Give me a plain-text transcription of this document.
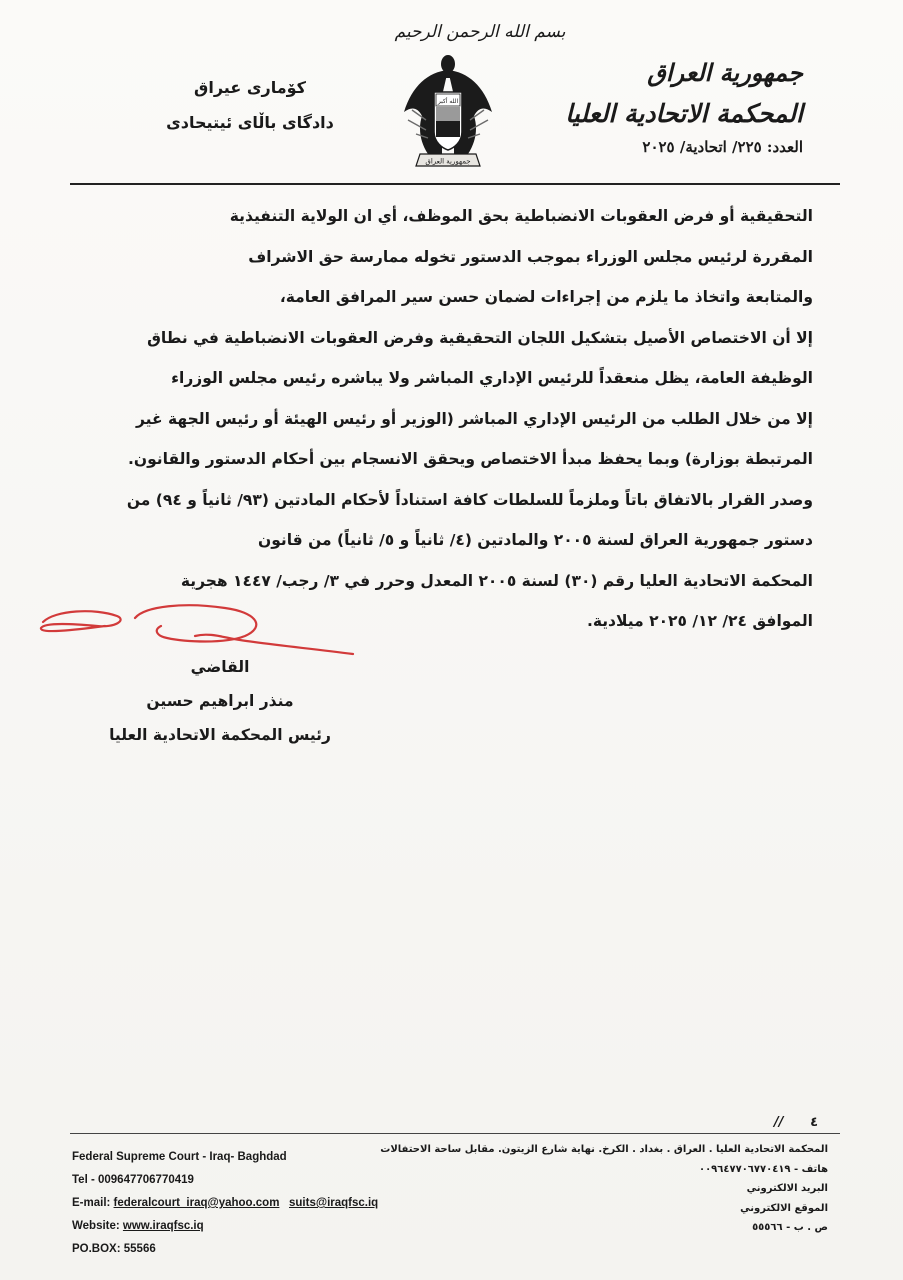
بسم الله الرحمن الرحيم
جمهورية العراق
المحكمة الاتحادية العليا
العدد: ٢٢٥/ اتحادية/ ٢٠٢٥
كۆمارى عيراق
دادگاى باڵاى ئیتیحادی
الله أكبر
جمهورية العراق

التحقيقية أو فرض العقوبات الانضباطية بحق الموظف، أي ان الولاية التنفيذية

المقررة لرئيس مجلس الوزراء بموجب الدستور تخوله ممارسة حق الاشراف

والمتابعة واتخاذ ما يلزم من إجراءات لضمان حسن سير المرافق العامة،

إلا أن الاختصاص الأصيل بتشكيل اللجان التحقيقية وفرض العقوبات الانضباطية في نطاق

الوظيفة العامة، يظل منعقداً للرئيس الإداري المباشر ولا يباشره رئيس مجلس الوزراء

إلا من خلال الطلب من الرئيس الإداري المباشر (الوزير أو رئيس الهيئة أو رئيس الجهة غير

المرتبطة بوزارة) وبما يحفظ مبدأ الاختصاص ويحقق الانسجام بين أحكام الدستور والقانون.

وصدر القرار بالاتفاق باتاً وملزماً للسلطات كافة استناداً لأحكام المادتين (٩٣/ ثانياً و ٩٤) من

دستور جمهورية العراق لسنة ٢٠٠٥ والمادتين (٤/ ثانياً و ٥/ ثانياً) من قانون

المحكمة الاتحادية العليا رقم (٣٠) لسنة ٢٠٠٥ المعدل وحرر في ٣/ رجب/ ١٤٤٧ هجرية

الموافق ٢٤/ ١٢/ ٢٠٢٥ ميلادية.

القاضي
منذر ابراهيم حسين
رئيس المحكمة الاتحادية العليا
٤ //
Federal Supreme Court - Iraq- Baghdad
Tel - 009647706770419
E-mail: federalcourt_iraq@yahoo.com suits@iraqfsc.iq
Website: www.iraqfsc.iq
PO.BOX: 55566
المحكمة الاتحادية العليا . العراق . بغداد . الكرخ. نهاية شارع الزيتون. مقابل ساحة الاحتفالات
هاتف - ٠٠٩٦٤٧٧٠٦٧٧٠٤١٩
البريد الالكتروني
الموقع الالكتروني
ص . ب - ٥٥٥٦٦
